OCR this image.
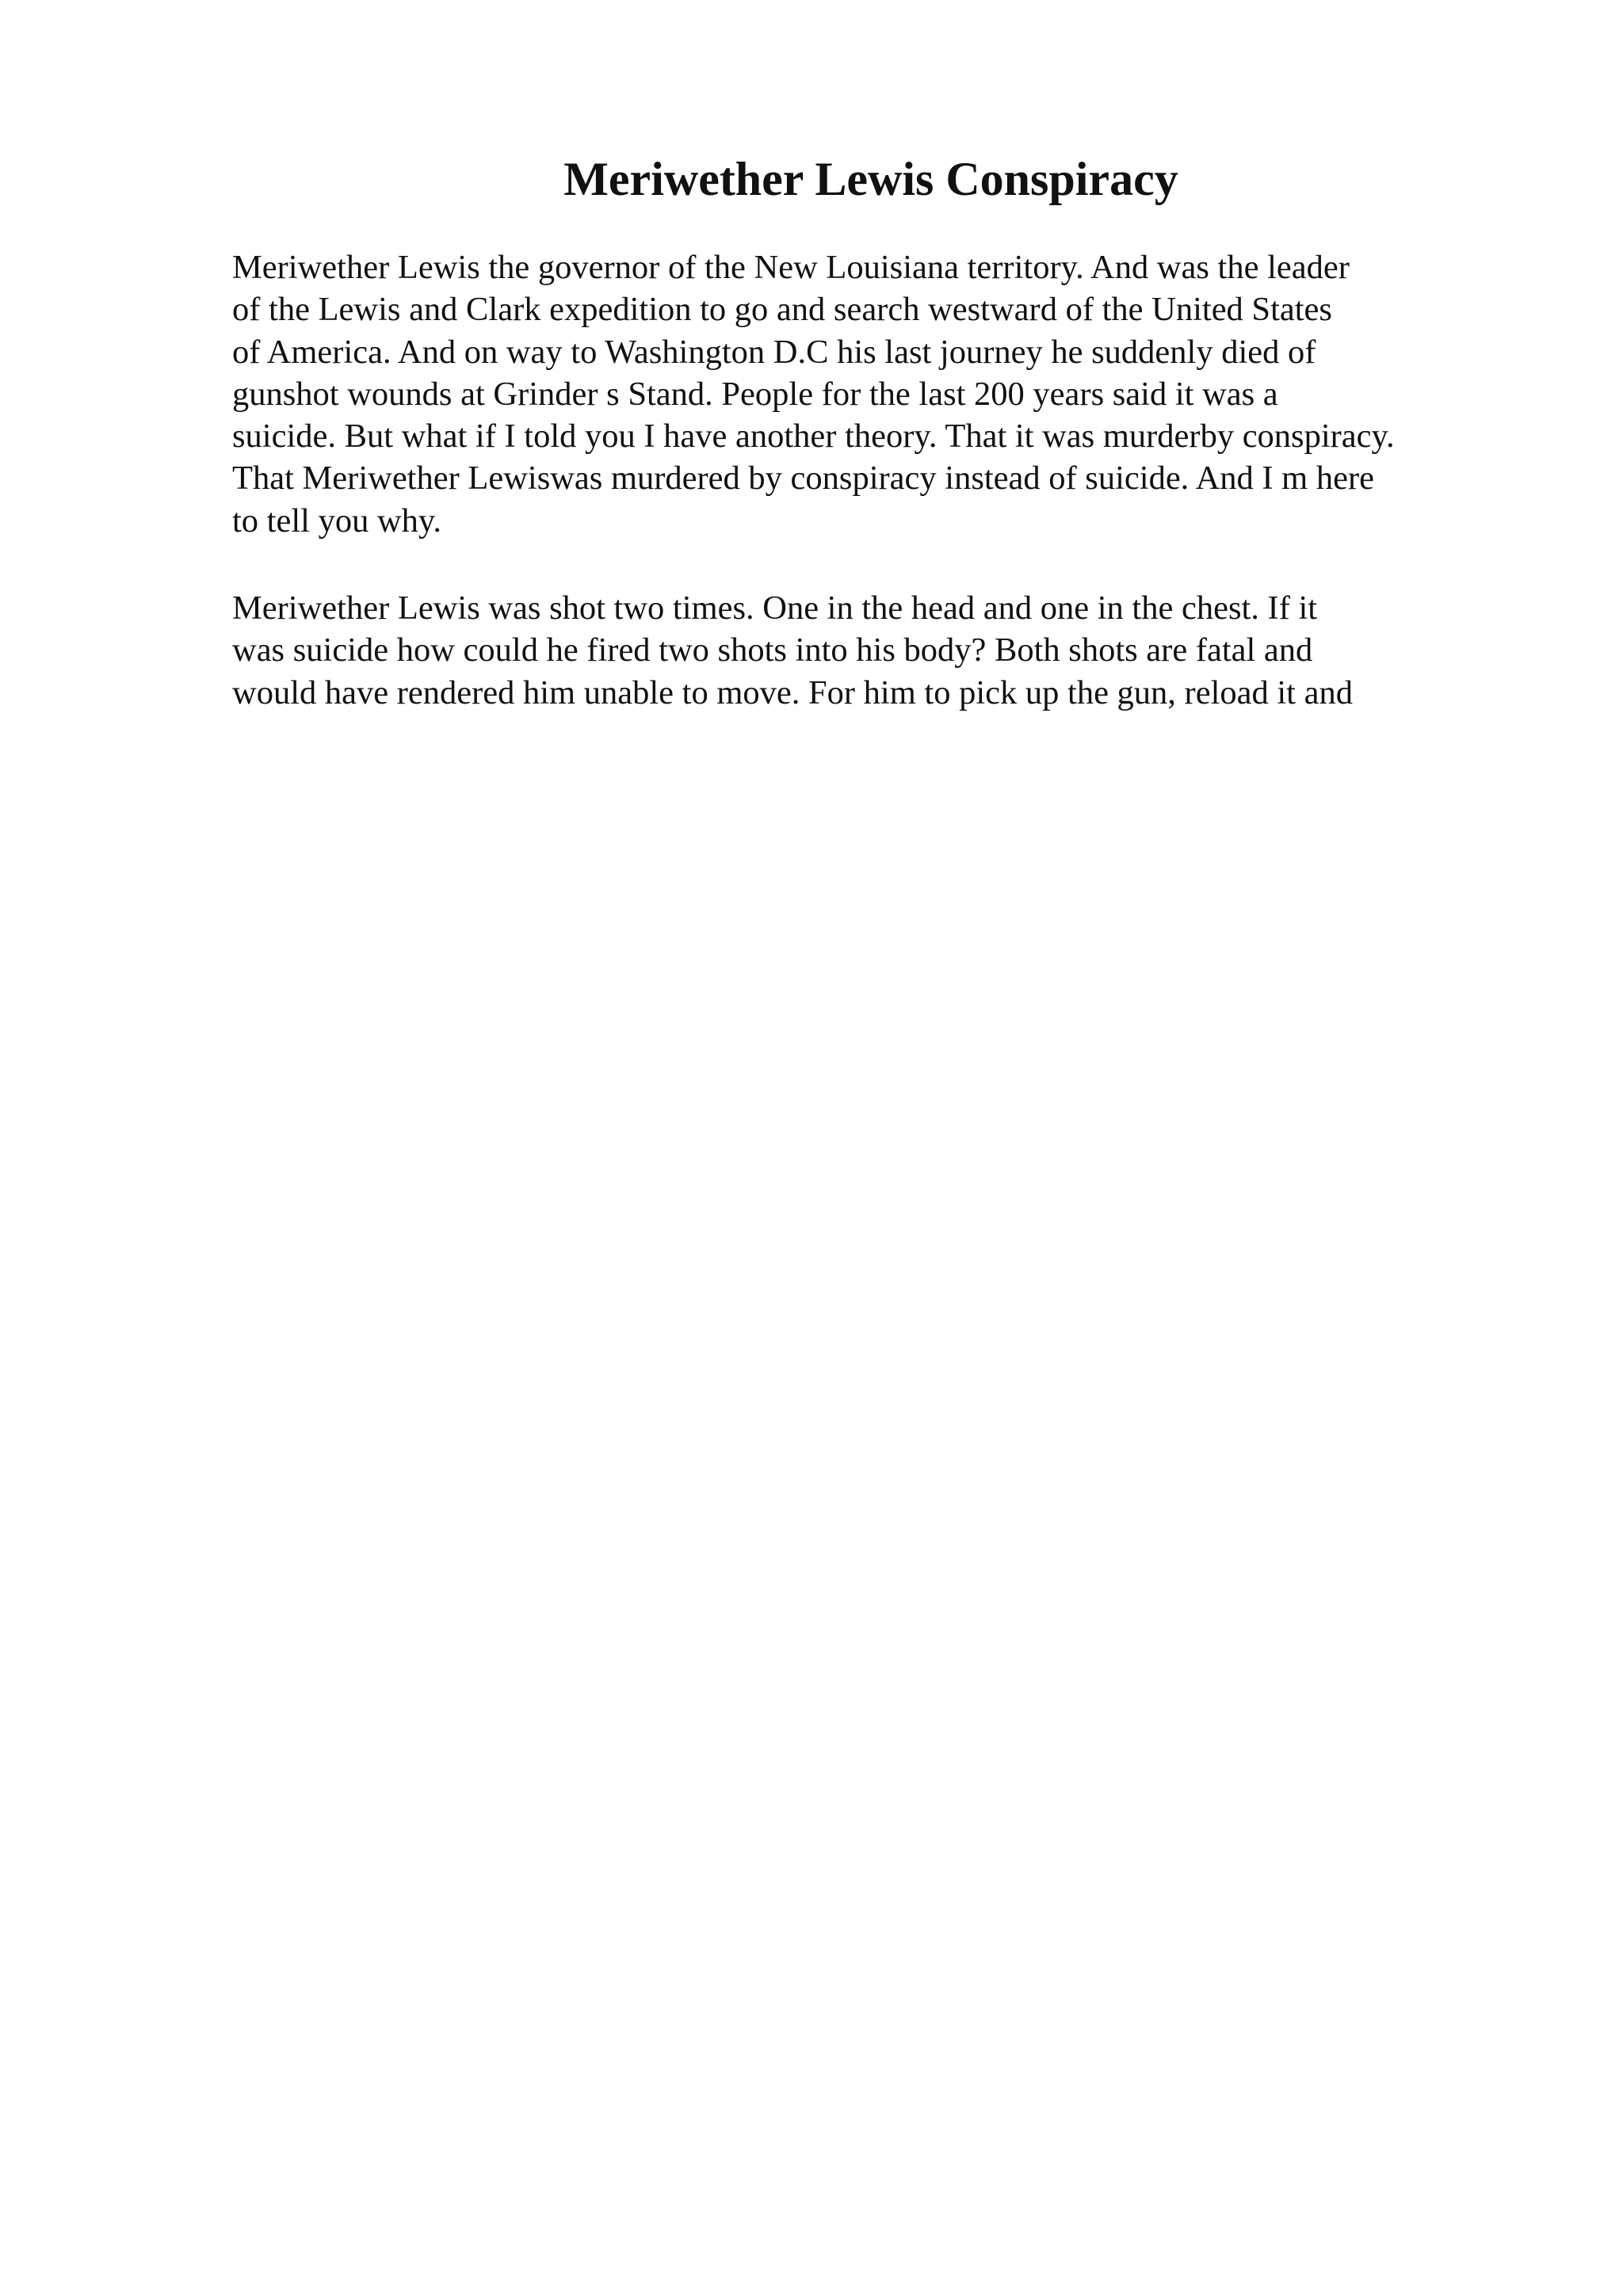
Meriwether Lewis Conspiracy

Meriwether Lewis the governor of the New Louisiana territory. And was the leader
of the Lewis and Clark expedition to go and search westward of the United States
of America. And on way to Washington D.C his last journey he suddenly died of
gunshot wounds at Grinder s Stand. People for the last 200 years said it was a
suicide. But what if I told you I have another theory. That it was murderby conspiracy.
That Meriwether Lewiswas murdered by conspiracy instead of suicide. And I m here
to tell you why.

Meriwether Lewis was shot two times. One in the head and one in the chest. If it
was suicide how could he fired two shots into his body? Both shots are fatal and
would have rendered him unable to move. For him to pick up the gun, reload it and
